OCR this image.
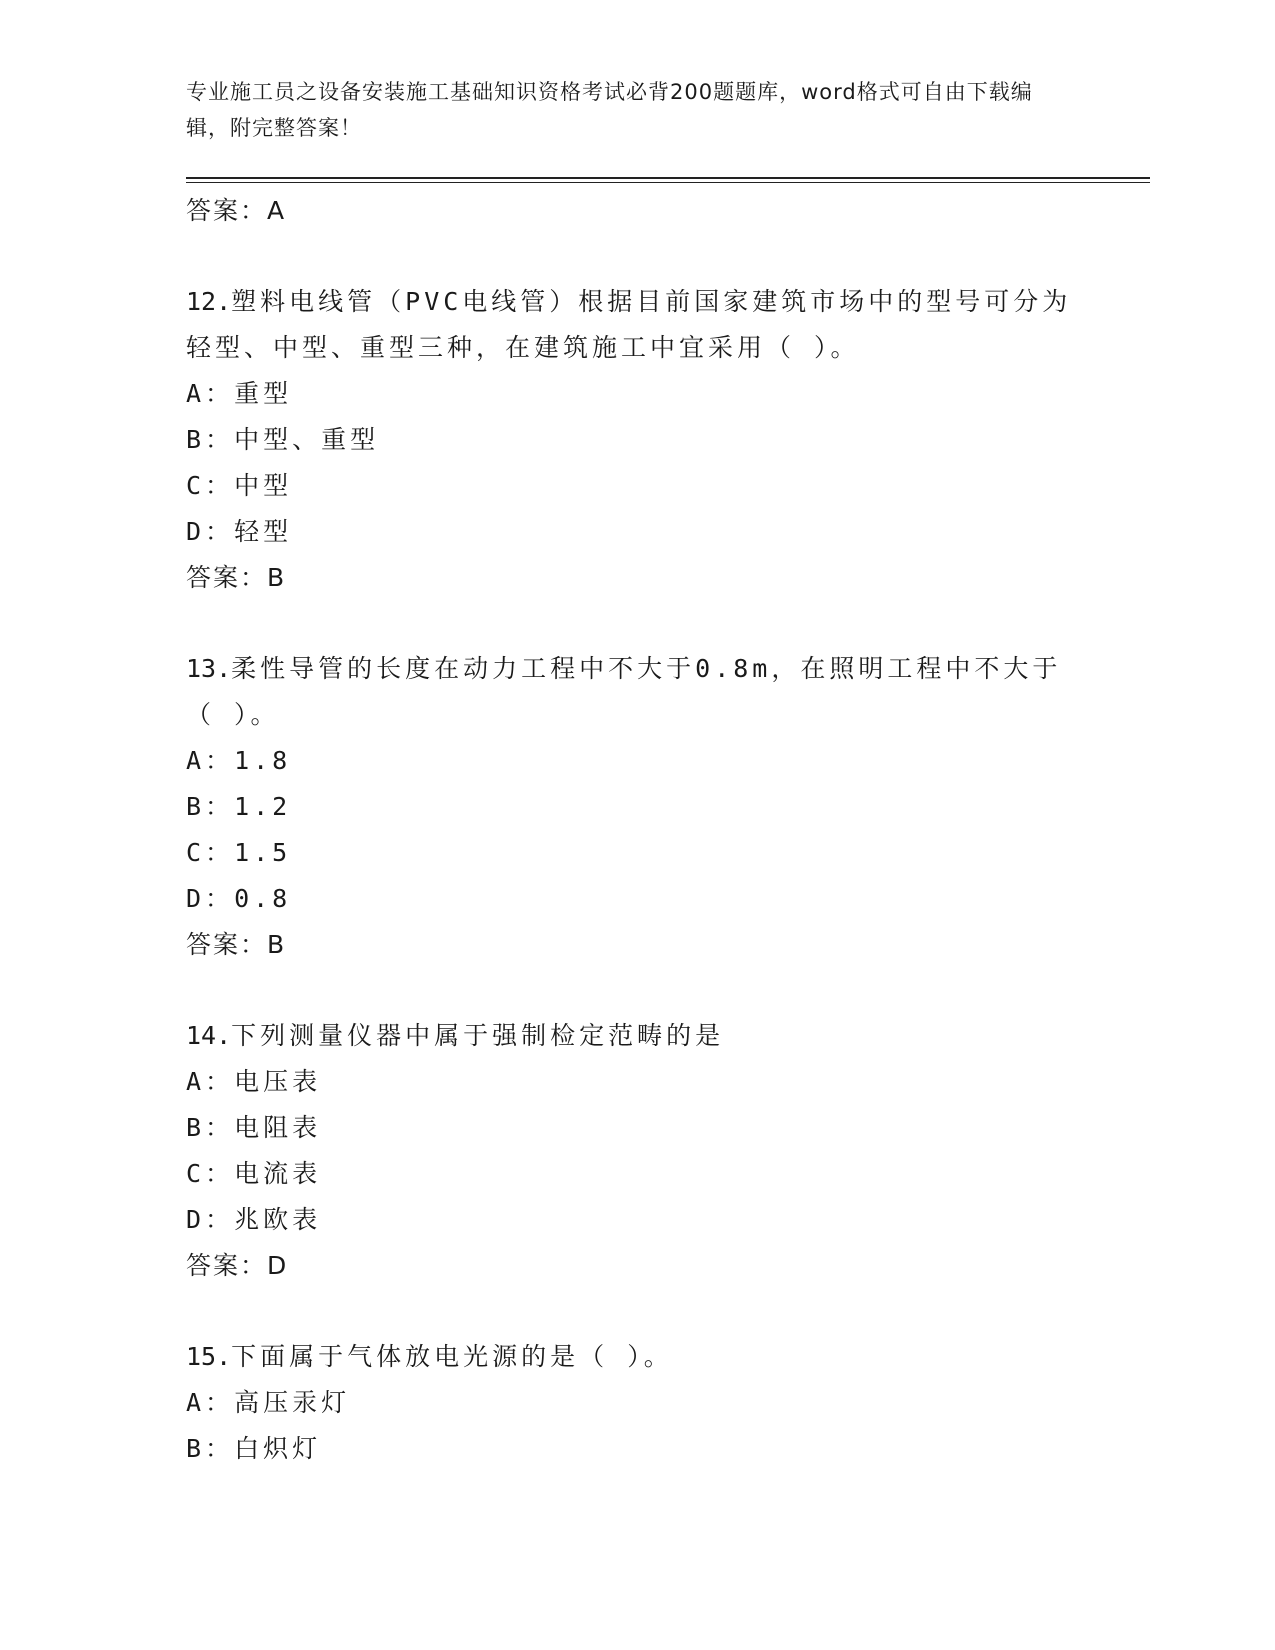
专业施工员之设备安装施工基础知识资格考试必背200题题库，word格式可自由下载编辑，附完整答案！
答案：A
12.塑料电线管（PVC电线管）根据目前国家建筑市场中的型号可分为轻型、中型、重型三种，在建筑施工中宜采用（ ）。
A：重型
B：中型、重型
C：中型
D：轻型
答案：B
13.柔性导管的长度在动力工程中不大于0.8m，在照明工程中不大于（ ）。
A：1.8
B：1.2
C：1.5
D：0.8
答案：B
14.下列测量仪器中属于强制检定范畴的是
A：电压表
B：电阻表
C：电流表
D：兆欧表
答案：D
15.下面属于气体放电光源的是（ ）。
A：高压汞灯
B：白炽灯
